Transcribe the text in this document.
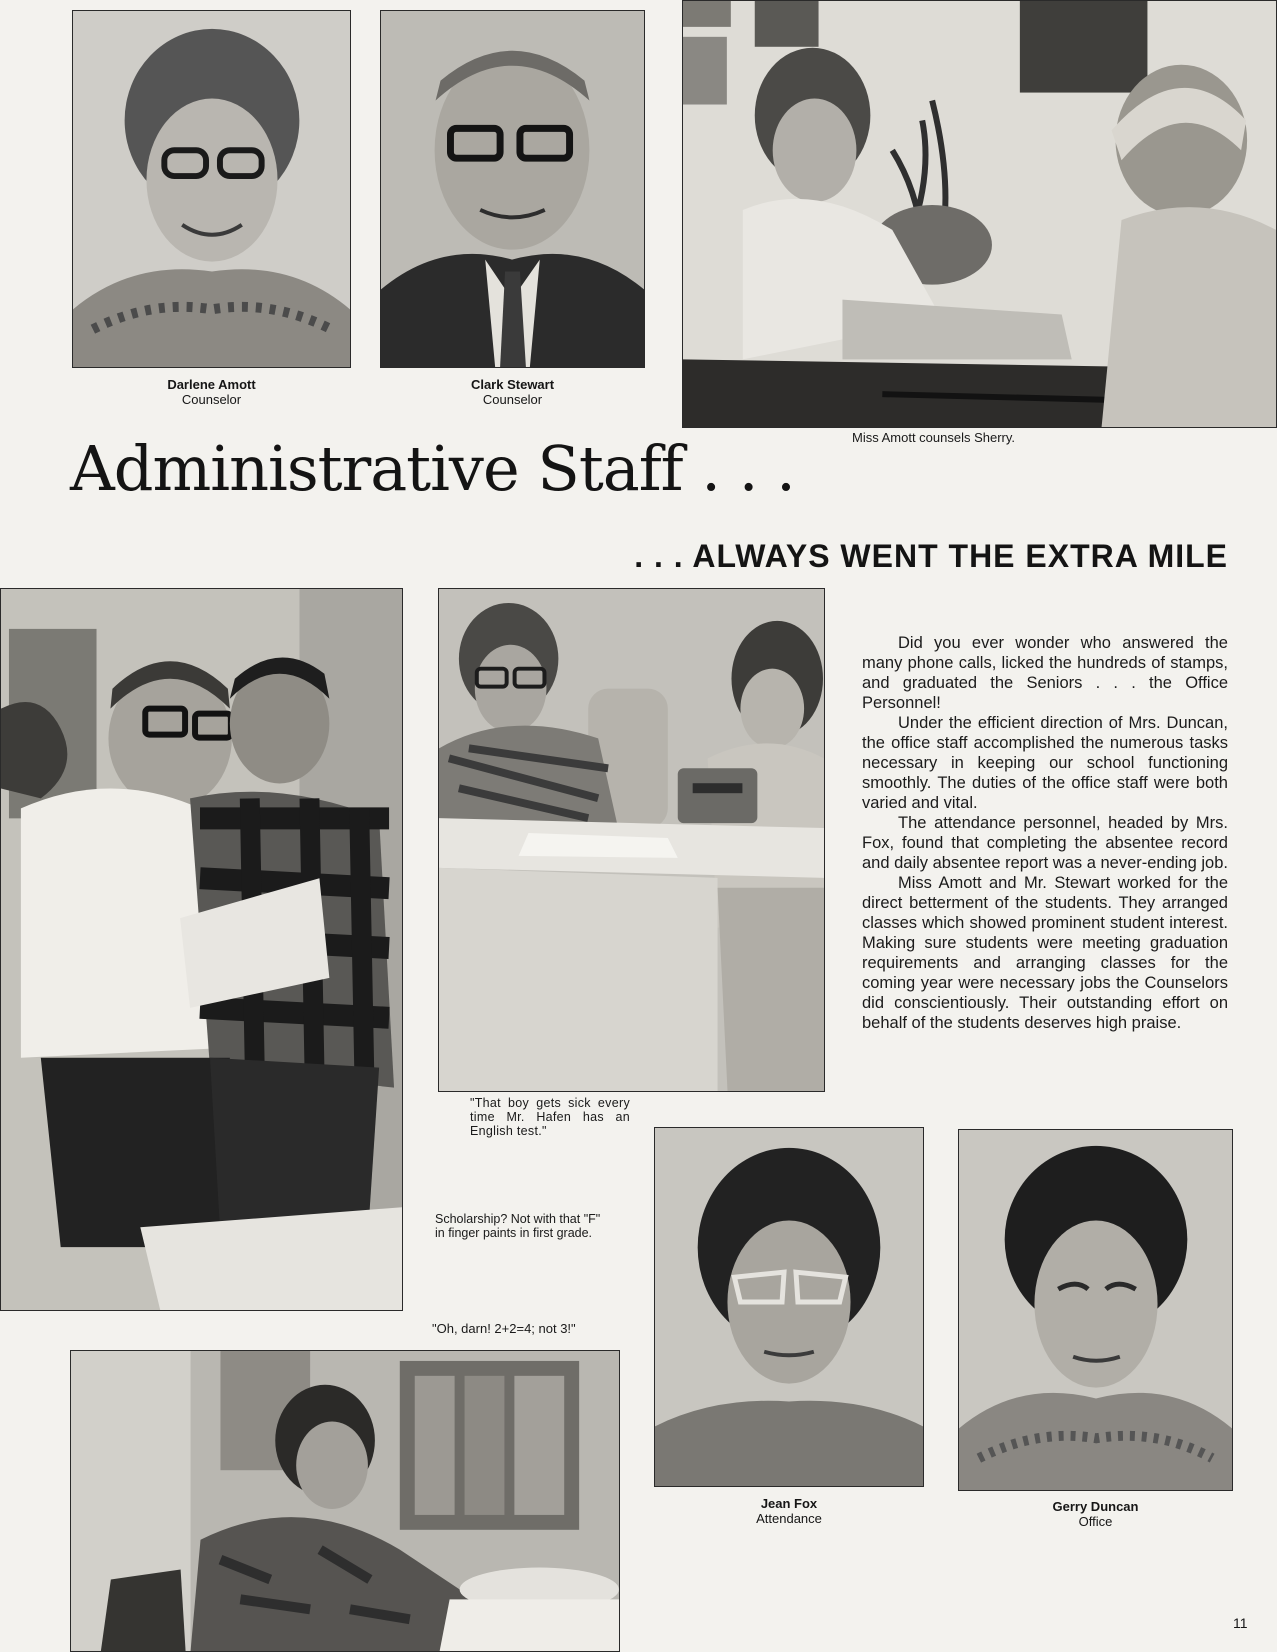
Darlene Amott
Counselor
Clark Stewart
Counselor
Miss Amott counsels Sherry.
Administrative Staff . . .
. . . ALWAYS WENT THE EXTRA MILE
"That boy gets sick every time Mr. Hafen has an English test."
Scholarship? Not with that "F" in finger paints in first grade.

Did you ever wonder who answered the many phone calls, licked the hundreds of stamps, and graduated the Seniors . . . the Office Personnel!

Under the efficient direction of Mrs. Duncan, the office staff accomplished the numerous tasks necessary in keeping our school functioning smoothly. The duties of the office staff were both varied and vital.

The attendance personnel, headed by Mrs. Fox, found that completing the absentee record and daily absentee report was a never-ending job.

Miss Amott and Mr. Stewart worked for the direct betterment of the students. They arranged classes which showed prominent student interest. Making sure students were meeting graduation requirements and arranging classes for the coming year were necessary jobs the Counselors did conscientiously. Their outstanding effort on behalf of the students deserves high praise.

Jean Fox
Attendance
Gerry Duncan
Office
"Oh, darn! 2+2=4; not 3!"
11
